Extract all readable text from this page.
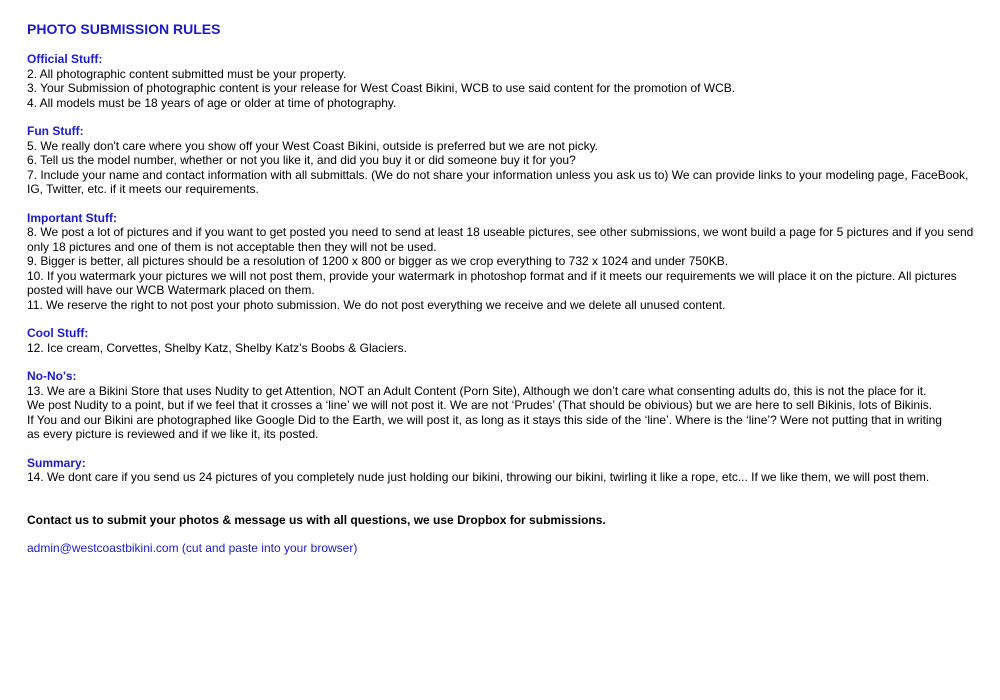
PHOTO SUBMISSION RULES
Official Stuff:
2. All photographic content submitted must be your property.
3. Your Submission of photographic content is your release for West Coast Bikini, WCB to use said content for the promotion of WCB.
4. All models must be 18 years of age or older at time of photography.
Fun Stuff:
5. We really don't care where you show off your West Coast Bikini, outside is preferred but we are not picky.
6. Tell us the model number, whether or not you like it, and did you buy it or did someone buy it for you?
7. Include your name and contact information with all submittals. (We do not share your information unless you ask us to) We can provide links to your modeling page, FaceBook,
IG, Twitter, etc. if it meets our requirements.
Important Stuff:
8. We post a lot of pictures and if you want to get posted you need to send at least 18 useable pictures, see other submissions, we wont build a page for 5 pictures and if you send
only 18 pictures and one of them is not acceptable then they will not be used.
9. Bigger is better, all pictures should be a resolution of 1200 x 800 or bigger as we crop everything to 732 x 1024 and under 750KB.
10. If you watermark your pictures we will not post them, provide your watermark in photoshop format and if it meets our requirements we will place it on the picture. All pictures
posted will have our WCB Watermark placed on them.
11. We reserve the right to not post your photo submission. We do not post everything we receive and we delete all unused content.
Cool Stuff:
12. Ice cream, Corvettes, Shelby Katz, Shelby Katz’s Boobs & Glaciers.
No-No's:
13. We are a Bikini Store that uses Nudity to get Attention, NOT an Adult Content (Porn Site), Although we don’t care what consenting adults do, this is not the place for it.
We post Nudity to a point, but if we feel that it crosses a ‘line’ we will not post it. We are not ‘Prudes’ (That should be obivious) but we are here to sell Bikinis, lots of Bikinis.
If You and our Bikini are photographed like Google Did to the Earth, we will post it, as long as it stays this side of the ‘line’. Where is the ‘line’? Were not putting that in writing
as every picture is reviewed and if we like it, its posted.
Summary:
14. We dont care if you send us 24 pictures of you completely nude just holding our bikini, throwing our bikini, twirling it like a rope, etc... If we like them, we will post them.
Contact us to submit your photos & message us with all questions, we use Dropbox for submissions.
admin@westcoastbikini.com (cut and paste into your browser)
